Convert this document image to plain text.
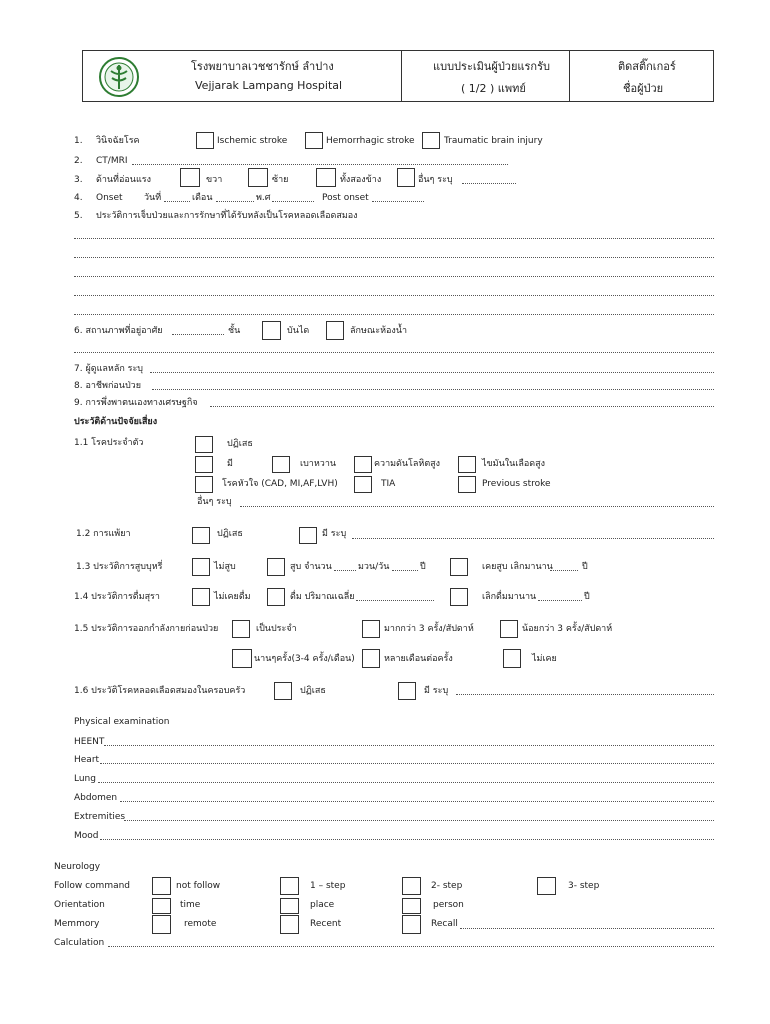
โรงพยาบาลเวชชารักษ์ ลำปาง
Vejjarak Lampang Hospital
แบบประเมินผู้ป่วยแรกรับ
( 1/2 ) แพทย์
ติดสติ๊กเกอร์
ชื่อผู้ป่วย
1. วินิจฉัยโรค	Ischemic stroke	Hemorrhagic stroke	Traumatic brain injury
2. CT/MRI
3. ด้านที่อ่อนแรง	ขวา	ซ้าย	ทั้งสองข้าง	อื่นๆ ระบุ
4. Onset วันที่	เดือน	พ.ศ	Post onset
5. ประวัติการเจ็บป่วยและการรักษาที่ได้รับหลังเป็นโรคหลอดเลือดสมอง
6. สถานภาพที่อยู่อาศัย	ชั้น	บันได	ลักษณะห้องน้ำ
7. ผู้ดูแลหลัก ระบุ
8. อาชีพก่อนป่วย
9. การพึ่งพาตนเองทางเศรษฐกิจ
ประวัติด้านปัจจัยเสี่ยง
1.1 โรคประจำตัว	ปฏิเสธ
มี	เบาหวาน	ความดันโลหิตสูง	ไขมันในเลือดสูง
โรคหัวใจ (CAD, MI,AF,LVH)	TIA	Previous stroke
อื่นๆ ระบุ
1.2 การแพ้ยา	ปฏิเสธ	มี ระบุ
1.3 ประวัติการสูบบุหรี่	ไม่สูบ	สูบ จำนวน	มวน/วัน	ปี	เคยสูบ เลิกมานาน	ปี
1.4 ประวัติการดื่มสุรา	ไม่เคยดื่ม	ดื่ม ปริมาณเฉลี่ย	เลิกดื่มมานาน	ปี
1.5 ประวัติการออกกำลังกายก่อนป่วย	เป็นประจำ	มากกว่า 3 ครั้ง/สัปดาห์	น้อยกว่า 3 ครั้ง/สัปดาห์
นานๆครั้ง(3-4 ครั้ง/เดือน)	หลายเดือนต่อครั้ง	ไม่เคย
1.6 ประวัติโรคหลอดเลือดสมองในครอบครัว	ปฏิเสธ	มี ระบุ
Physical examination
HEENT
Heart
Lung
Abdomen
Extremities
Mood
Neurology
Follow command	not follow	1 – step	2- step	3- step
Orientation	time	place	person
Memmory	remote	Recent	Recall
Calculation
